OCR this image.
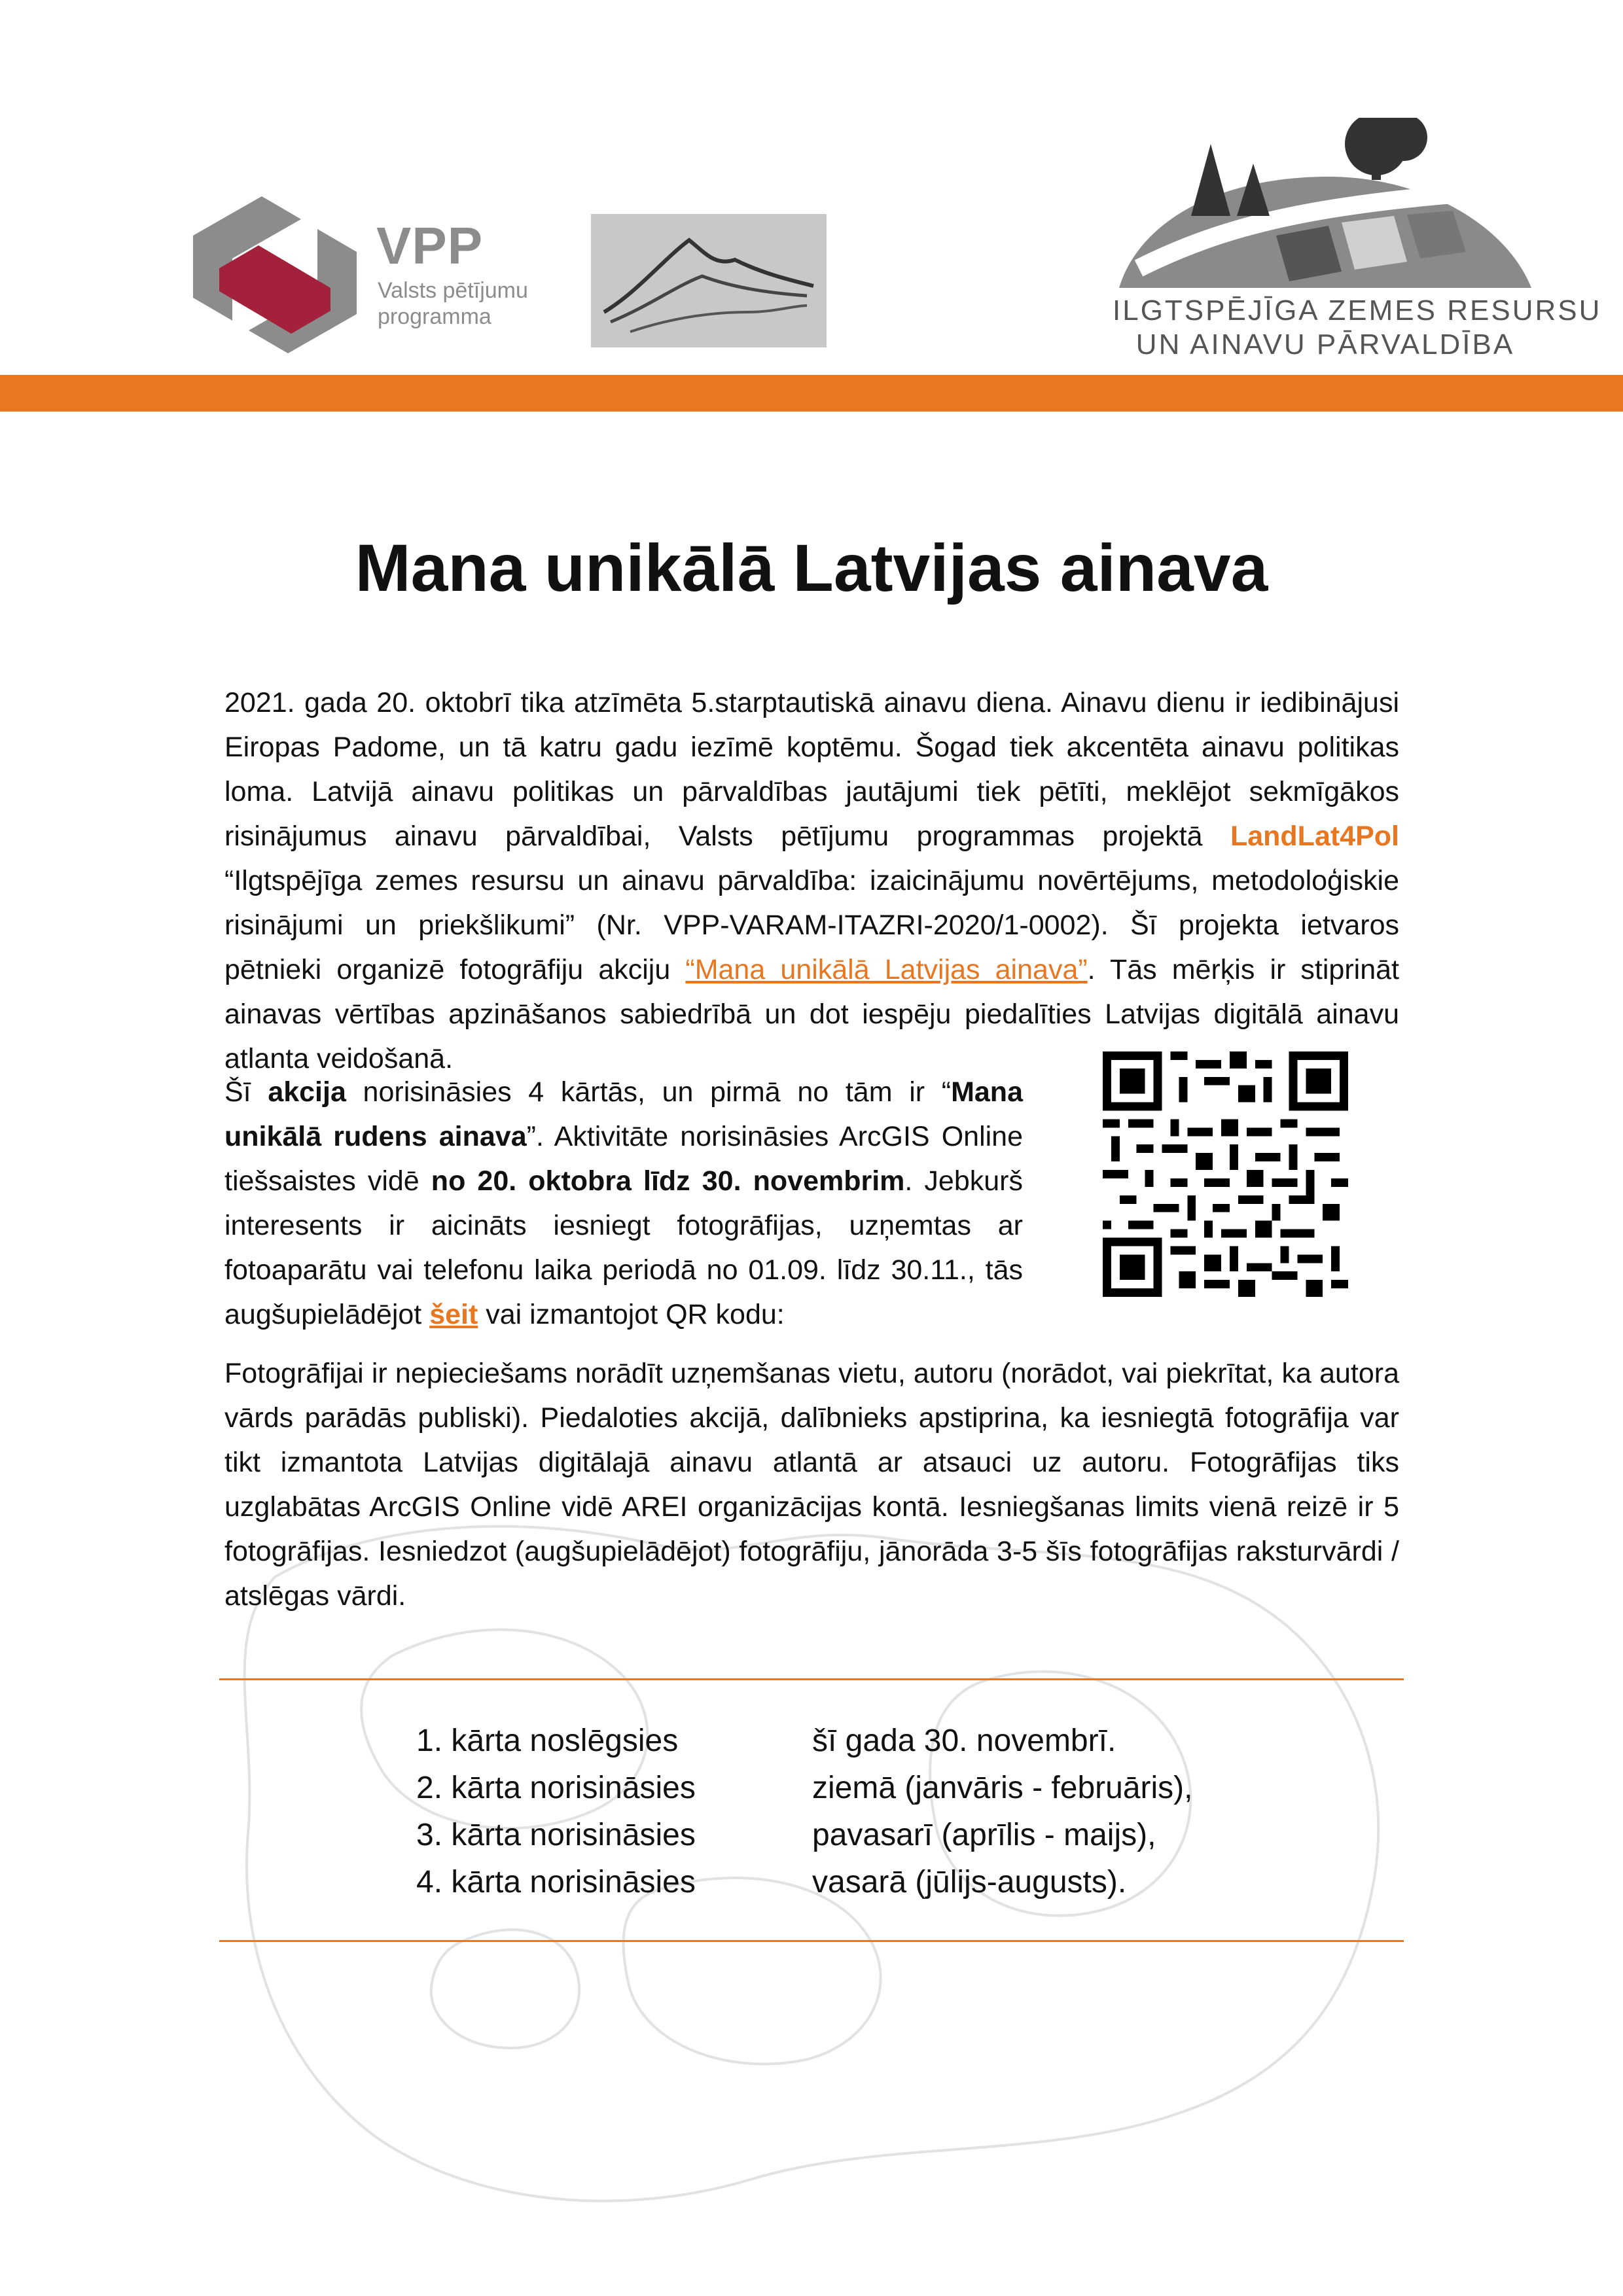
VPP
Valsts pētījumu
programma	ILGTSPĒJĪGA ZEMES RESURSU
UN AINAVU PĀRVALDĪBA
Mana unikālā Latvijas ainava
2021. gada 20. oktobrī tika atzīmēta 5.starptautiskā ainavu diena. Ainavu dienu ir iedibinājusi Eiropas Padome, un tā katru gadu iezīmē koptēmu. Šogad tiek akcentēta ainavu politikas loma. Latvijā ainavu politikas un pārvaldības jautājumi tiek pētīti, meklējot sekmīgākos risinājumus ainavu pārvaldībai, Valsts pētījumu programmas projektā LandLat4Pol “Ilgtspējīga zemes resursu un ainavu pārvaldība: izaicinājumu novērtējums, metodoloģiskie risinājumi un priekšlikumi” (Nr. VPP-VARAM-ITAZRI-2020/1-0002). Šī projekta ietvaros pētnieki organizē fotogrāfiju akciju “Mana unikālā Latvijas ainava”. Tās mērķis ir stiprināt ainavas vērtības apzināšanos sabiedrībā un dot iespēju piedalīties Latvijas digitālā ainavu atlanta veidošanā.
Šī akcija norisināsies 4 kārtās, un pirmā no tām ir “Mana unikālā rudens ainava”. Aktivitāte norisināsies ArcGIS Online tiešsaistes vidē no 20. oktobra līdz 30. novembrim. Jebkurš interesents ir aicināts iesniegt fotogrāfijas, uzņemtas ar fotoaparātu vai telefonu laika periodā no 01.09. līdz 30.11., tās augšupielādējot šeit vai izmantojot QR kodu:
Fotogrāfijai ir nepieciešams norādīt uzņemšanas vietu, autoru (norādot, vai piekrītat, ka autora vārds parādās publiski). Piedaloties akcijā, dalībnieks apstiprina, ka iesniegtā fotogrāfija var tikt izmantota Latvijas digitālajā ainavu atlantā ar atsauci uz autoru. Fotogrāfijas tiks uzglabātas ArcGIS Online vidē AREI organizācijas kontā. Iesniegšanas limits vienā reizē ir 5 fotogrāfijas. Iesniedzot (augšupielādējot) fotogrāfiju, jānorāda 3-5 šīs fotogrāfijas raksturvārdi / atslēgas vārdi.
1. kārta noslēgsies	šī gada 30. novembrī.
2. kārta norisināsies	ziemā (janvāris - februāris),
3. kārta norisināsies	pavasarī (aprīlis - maijs),
4. kārta norisināsies	vasarā (jūlijs-augusts).
